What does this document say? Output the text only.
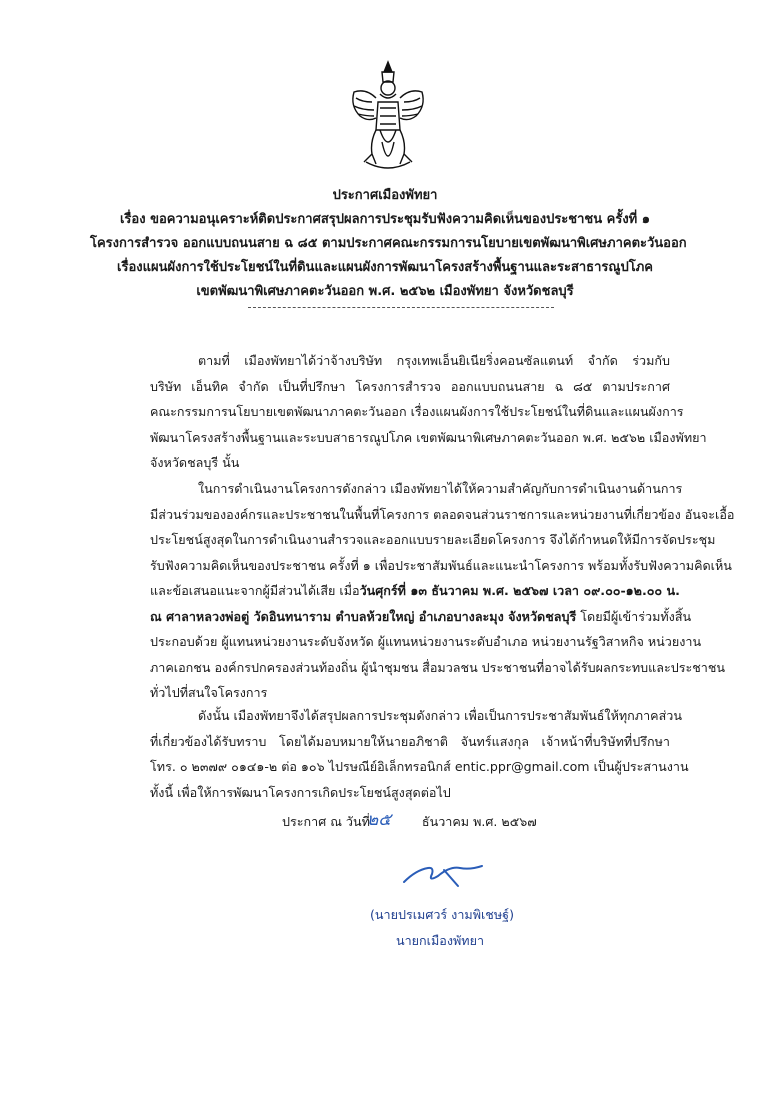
ประกาศเมืองพัทยา
เรื่อง ขอความอนุเคราะห์ติดประกาศสรุปผลการประชุมรับฟังความคิดเห็นของประชาชน ครั้งที่ ๑
โครงการสำรวจ ออกแบบถนนสาย ฉ ๘๕ ตามประกาศคณะกรรมการนโยบายเขตพัฒนาพิเศษภาคตะวันออก
เรื่องแผนผังการใช้ประโยชน์ในที่ดินและแผนผังการพัฒนาโครงสร้างพื้นฐานและระสาธารณูปโภค
เขตพัฒนาพิเศษภาคตะวันออก พ.ศ. ๒๕๖๒ เมืองพัทยา จังหวัดชลบุรี
ตามที่ เมืองพัทยาได้ว่าจ้างบริษัท กรุงเทพเอ็นยิเนียริ่งคอนซัลแตนท์ จำกัด ร่วมกับ
บริษัท เอ็นทิค จำกัด เป็นที่ปรึกษา โครงการสำรวจ ออกแบบถนนสาย ฉ ๘๕ ตามประกาศ
คณะกรรมการนโยบายเขตพัฒนาภาคตะวันออก เรื่องแผนผังการใช้ประโยชน์ในที่ดินและแผนผังการ
พัฒนาโครงสร้างพื้นฐานและระบบสาธารณูปโภค เขตพัฒนาพิเศษภาคตะวันออก พ.ศ. ๒๕๖๒ เมืองพัทยา
จังหวัดชลบุรี นั้น
ในการดำเนินงานโครงการดังกล่าว เมืองพัทยาได้ให้ความสำคัญกับการดำเนินงานด้านการ
มีส่วนร่วมขององค์กรและประชาชนในพื้นที่โครงการ ตลอดจนส่วนราชการและหน่วยงานที่เกี่ยวข้อง อันจะเอื้อ
ประโยชน์สูงสุดในการดำเนินงานสำรวจและออกแบบรายละเอียดโครงการ จึงได้กำหนดให้มีการจัดประชุม
รับฟังความคิดเห็นของประชาชน ครั้งที่ ๑ เพื่อประชาสัมพันธ์และแนะนำโครงการ พร้อมทั้งรับฟังความคิดเห็น
และข้อเสนอแนะจากผู้มีส่วนได้เสีย เมื่อวันศุกร์ที่ ๑๓ ธันวาคม พ.ศ. ๒๕๖๗ เวลา ๐๙.๐๐-๑๒.๐๐ น.
ณ ศาลาหลวงพ่อตู่ วัดอินทนาราม ตำบลห้วยใหญ่ อำเภอบางละมุง จังหวัดชลบุรี โดยมีผู้เข้าร่วมทั้งสิ้น
ประกอบด้วย ผู้แทนหน่วยงานระดับจังหวัด ผู้แทนหน่วยงานระดับอำเภอ หน่วยงานรัฐวิสาหกิจ หน่วยงาน
ภาคเอกชน องค์กรปกครองส่วนท้องถิ่น ผู้นำชุมชน สื่อมวลชน ประชาชนที่อาจได้รับผลกระทบและประชาชน
ทั่วไปที่สนใจโครงการ
ดังนั้น เมืองพัทยาจึงได้สรุปผลการประชุมดังกล่าว เพื่อเป็นการประชาสัมพันธ์ให้ทุกภาคส่วน
ที่เกี่ยวข้องได้รับทราบ โดยได้มอบหมายให้นายอภิชาติ จันทร์แสงกุล เจ้าหน้าที่บริษัทที่ปรึกษา
โทร. ๐ ๒๓๗๙ ๐๑๔๑-๒ ต่อ ๑๐๖ ไปรษณีย์อิเล็กทรอนิกส์ entic.ppr@gmail.com เป็นผู้ประสานงาน
ทั้งนี้ เพื่อให้การพัฒนาโครงการเกิดประโยชน์สูงสุดต่อไป
ประกาศ ณ วันที่	ธันวาคม พ.ศ. ๒๕๖๗
๒๕
(นายปรเมศวร์ งามพิเชษฐ์)
นายกเมืองพัทยา
